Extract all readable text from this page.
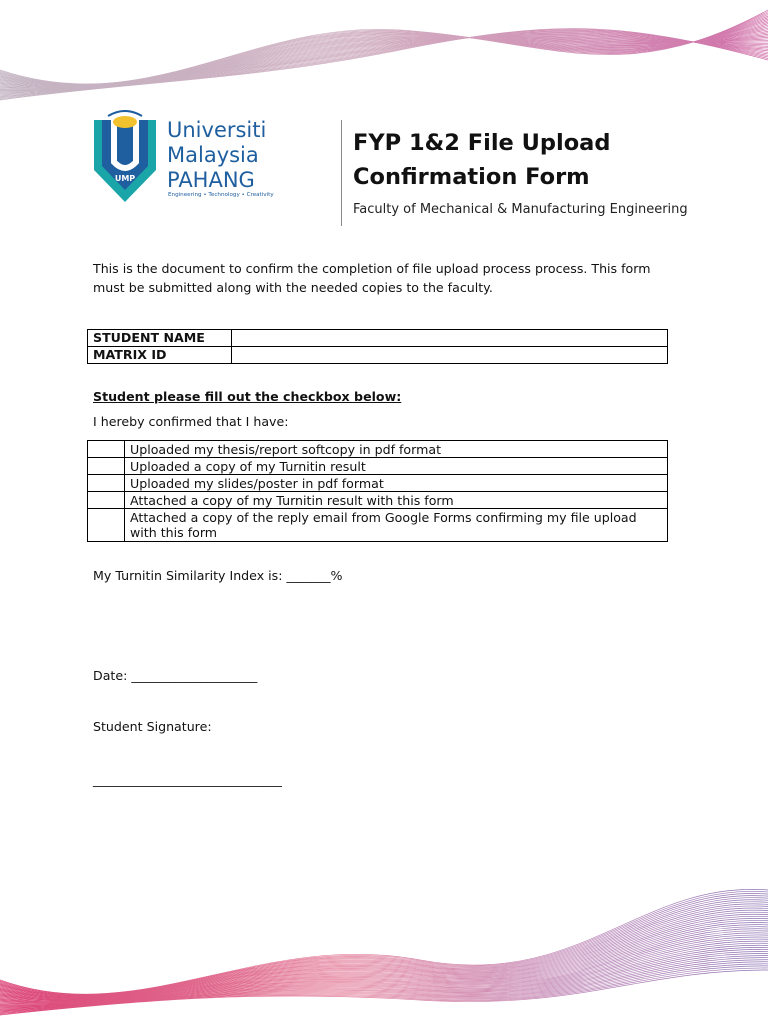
UMP
Universiti
Malaysia
PAHANG
Engineering • Technology • Creativity
FYP 1&2 File Upload
Confirmation Form
Faculty of Mechanical & Manufacturing Engineering
This is the document to confirm the completion of file upload process process. This form must be submitted along with the needed copies to the faculty.
STUDENT NAME	
MATRIX ID	
Student please fill out the checkbox below:
I hereby confirmed that I have:
	Uploaded my thesis/report softcopy in pdf format
	Uploaded a copy of my Turnitin result
	Uploaded my slides/poster in pdf format
	Attached a copy of my Turnitin result with this form
	Attached a copy of the reply email from Google Forms confirming my file upload with this form
My Turnitin Similarity Index is: _______%
Date: ____________________
Student Signature:
______________________________
